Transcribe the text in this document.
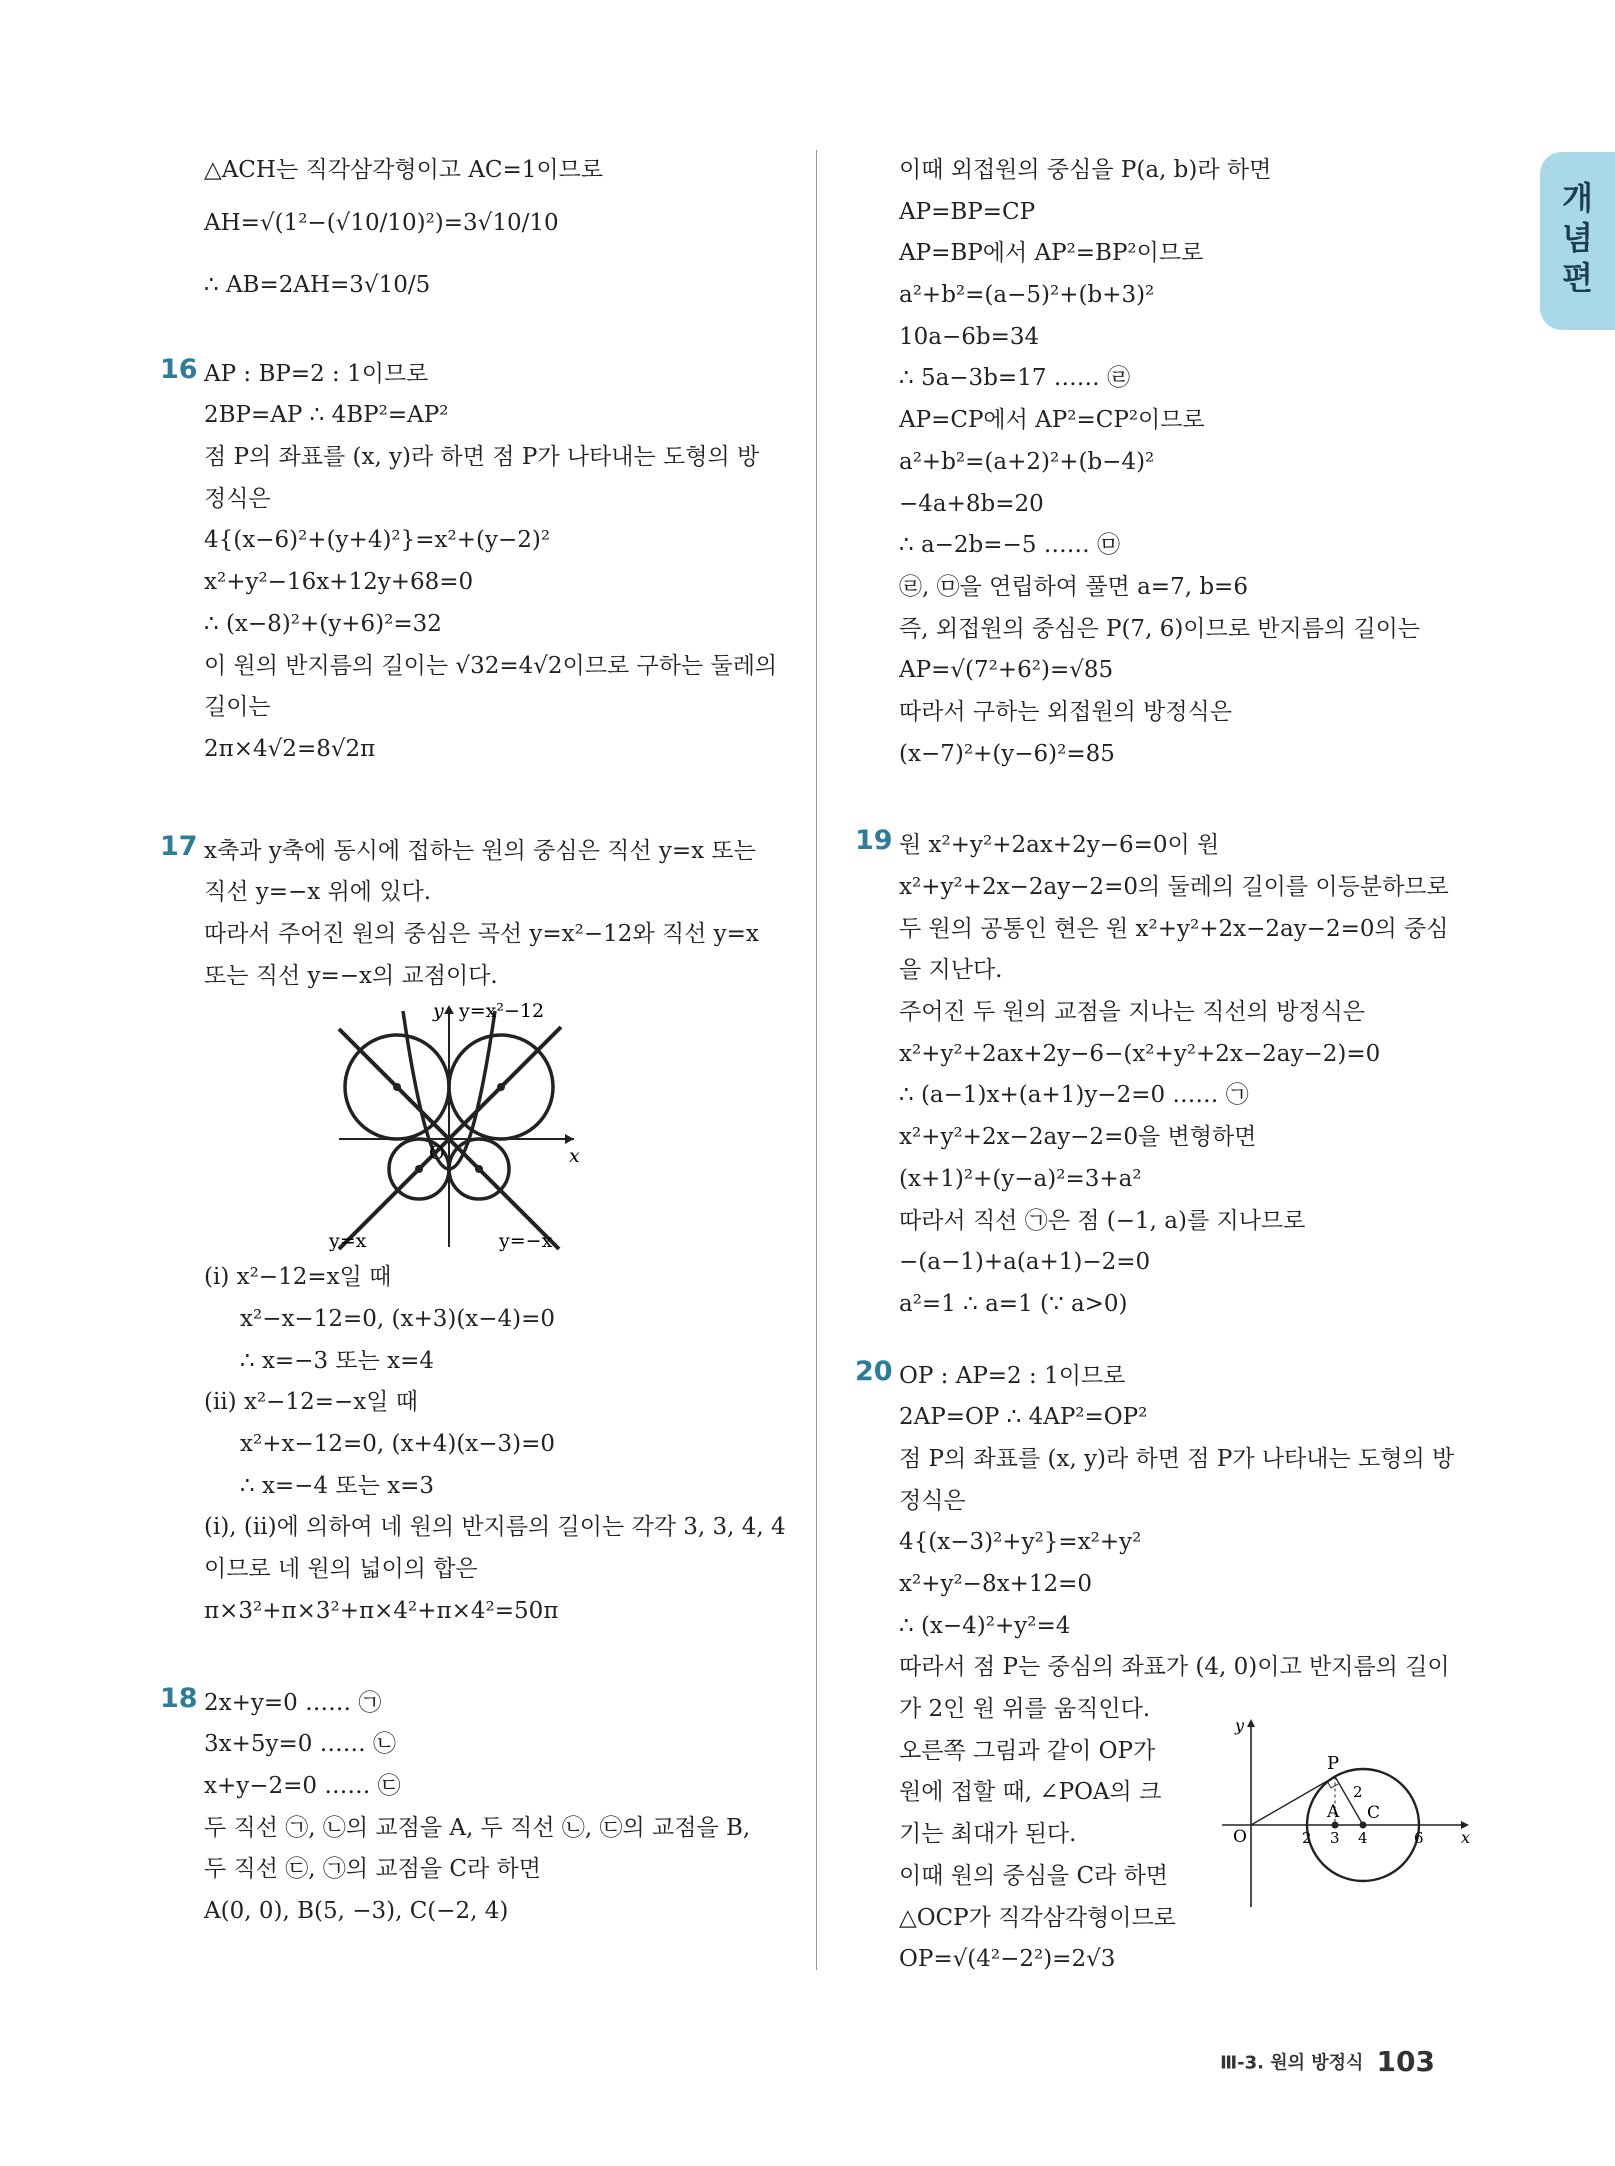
개
념
편
△ACH는 직각삼각형이고 AC=1이므로
AH=√(1²−(√10/10)²)=3√10/10
∴ AB=2AH=3√10/5
16 AP : BP=2 : 1이므로
2BP=AP ∴ 4BP²=AP²
점 P의 좌표를 (x, y)라 하면 점 P가 나타내는 도형의 방
정식은
4{(x−6)²+(y+4)²}=x²+(y−2)²
x²+y²−16x+12y+68=0
∴ (x−8)²+(y+6)²=32
이 원의 반지름의 길이는 √32=4√2이므로 구하는 둘레의
길이는
2π×4√2=8√2π
17 x축과 y축에 동시에 접하는 원의 중심은 직선 y=x 또는
직선 y=−x 위에 있다.
따라서 주어진 원의 중심은 곡선 y=x²−12와 직선 y=x
또는 직선 y=−x의 교점이다.
y y=x²−12
x
O
y=x	y=−x
(ⅰ) x²−12=x일 때
x²−x−12=0, (x+3)(x−4)=0
∴ x=−3 또는 x=4
(ⅱ) x²−12=−x일 때
x²+x−12=0, (x+4)(x−3)=0
∴ x=−4 또는 x=3
(ⅰ), (ⅱ)에 의하여 네 원의 반지름의 길이는 각각 3, 3, 4, 4
이므로 네 원의 넓이의 합은
π×3²+π×3²+π×4²+π×4²=50π
18 2x+y=0 …… ㉠
3x+5y=0 …… ㉡
x+y−2=0 …… ㉢
두 직선 ㉠, ㉡의 교점을 A, 두 직선 ㉡, ㉢의 교점을 B,
두 직선 ㉢, ㉠의 교점을 C라 하면
A(0, 0), B(5, −3), C(−2, 4)
이때 외접원의 중심을 P(a, b)라 하면
AP=BP=CP
AP=BP에서 AP²=BP²이므로
a²+b²=(a−5)²+(b+3)²
10a−6b=34
∴ 5a−3b=17 …… ㉣
AP=CP에서 AP²=CP²이므로
a²+b²=(a+2)²+(b−4)²
−4a+8b=20
∴ a−2b=−5 …… ㉤
㉣, ㉤을 연립하여 풀면 a=7, b=6
즉, 외접원의 중심은 P(7, 6)이므로 반지름의 길이는
AP=√(7²+6²)=√85
따라서 구하는 외접원의 방정식은
(x−7)²+(y−6)²=85
19 원 x²+y²+2ax+2y−6=0이 원
x²+y²+2x−2ay−2=0의 둘레의 길이를 이등분하므로
두 원의 공통인 현은 원 x²+y²+2x−2ay−2=0의 중심
을 지난다.
주어진 두 원의 교점을 지나는 직선의 방정식은
x²+y²+2ax+2y−6−(x²+y²+2x−2ay−2)=0
∴ (a−1)x+(a+1)y−2=0 …… ㉠
x²+y²+2x−2ay−2=0을 변형하면
(x+1)²+(y−a)²=3+a²
따라서 직선 ㉠은 점 (−1, a)를 지나므로
−(a−1)+a(a+1)−2=0
a²=1 ∴ a=1 (∵ a>0)
20 OP : AP=2 : 1이므로
2AP=OP ∴ 4AP²=OP²
점 P의 좌표를 (x, y)라 하면 점 P가 나타내는 도형의 방
정식은
4{(x−3)²+y²}=x²+y²
x²+y²−8x+12=0
∴ (x−4)²+y²=4
따라서 점 P는 중심의 좌표가 (4, 0)이고 반지름의 길이
가 2인 원 위를 움직인다.
오른쪽 그림과 같이 OP가
원에 접할 때, ∠POA의 크
기는 최대가 된다.
이때 원의 중심을 C라 하면
△OCP가 직각삼각형이므로
OP=√(4²−2²)=2√3
y
x
O
P
A C
2
2 3 4	6
Ⅲ-3. 원의 방정식 103
